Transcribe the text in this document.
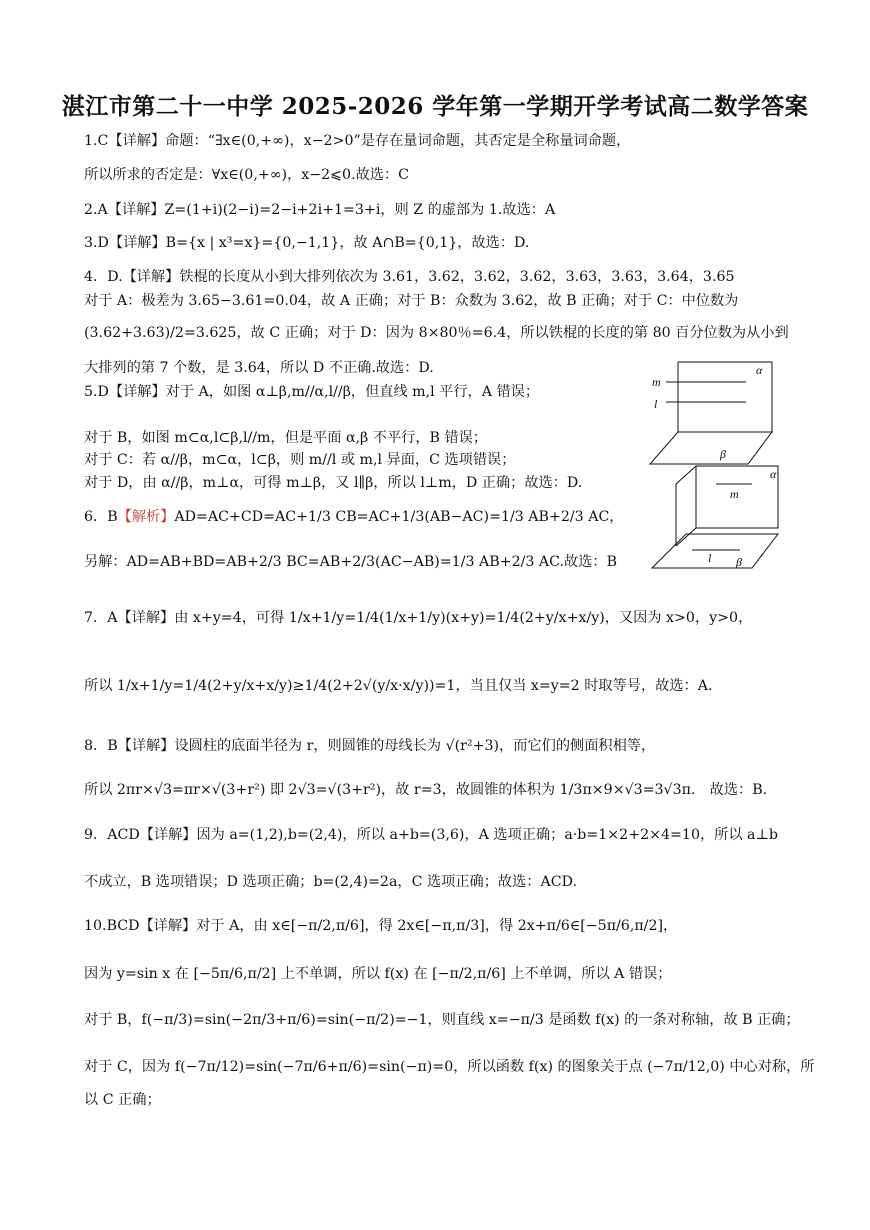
湛江市第二十一中学 2025-2026 学年第一学期开学考试高二数学答案
1.C【详解】命题：“∃x∈(0,+∞)，x−2>0”是存在量词命题，其否定是全称量词命题，
所以所求的否定是：∀x∈(0,+∞)，x−2⩽0.故选：C
2.A【详解】Z=(1+i)(2−i)=2−i+2i+1=3+i，则 Z 的虚部为 1.故选：A
3.D【详解】B={x | x³=x}={0,−1,1}，故 A∩B={0,1}，故选：D.
4．D.【详解】铁棍的长度从小到大排列依次为 3.61，3.62，3.62，3.62，3.63，3.63，3.64，3.65
对于 A：极差为 3.65−3.61=0.04，故 A 正确；对于 B：众数为 3.62，故 B 正确；对于 C：中位数为
(3.62+3.63)/2=3.625，故 C 正确；对于 D：因为 8×80％=6.4，所以铁棍的长度的第 80 百分位数为从小到
大排列的第 7 个数，是 3.64，所以 D 不正确.故选：D.
5.D【详解】对于 A，如图 α⊥β,m//α,l//β，但直线 m,l 平行，A 错误；
对于 B，如图 m⊂α,l⊂β,l//m，但是平面 α,β 不平行，B 错误；
对于 C：若 α//β，m⊂α，l⊂β，则 m//l 或 m,l 异面，C 选项错误；
对于 D，由 α//β，m⊥α，可得 m⊥β，又 l∥β，所以 l⊥m，D 正确；故选：D.
6．B【解析】AD=AC+CD=AC+1/3 CB=AC+1/3(AB−AC)=1/3 AB+2/3 AC，
另解：AD=AB+BD=AB+2/3 BC=AB+2/3(AC−AB)=1/3 AB+2/3 AC.故选：B
7．A【详解】由 x+y=4，可得 1/x+1/y=1/4(1/x+1/y)(x+y)=1/4(2+y/x+x/y)，又因为 x>0，y>0，
所以 1/x+1/y=1/4(2+y/x+x/y)≥1/4(2+2√(y/x·x/y))=1，当且仅当 x=y=2 时取等号，故选：A.
8．B【详解】设圆柱的底面半径为 r，则圆锥的母线长为 √(r²+3)，而它们的侧面积相等，
所以 2πr×√3=πr×√(3+r²) 即 2√3=√(3+r²)，故 r=3，故圆锥的体积为 1/3π×9×√3=3√3π.　故选：B.
9．ACD【详解】因为 a=(1,2),b=(2,4)，所以 a+b=(3,6)，A 选项正确；a·b=1×2+2×4=10，所以 a⊥b
不成立，B 选项错误；D 选项正确；b=(2,4)=2a，C 选项正确；故选：ACD.
10.BCD【详解】对于 A，由 x∈[−π/2,π/6]，得 2x∈[−π,π/3]，得 2x+π/6∈[−5π/6,π/2]，
因为 y=sin x 在 [−5π/6,π/2] 上不单调，所以 f(x) 在 [−π/2,π/6] 上不单调，所以 A 错误；
对于 B，f(−π/3)=sin(−2π/3+π/6)=sin(−π/2)=−1，则直线 x=−π/3 是函数 f(x) 的一条对称轴，故 B 正确；
对于 C，因为 f(−7π/12)=sin(−7π/6+π/6)=sin(−π)=0，所以函数 f(x) 的图象关于点 (−7π/12,0) 中心对称，所
以 C 正确；
α
m
l
β
α
m
l β
